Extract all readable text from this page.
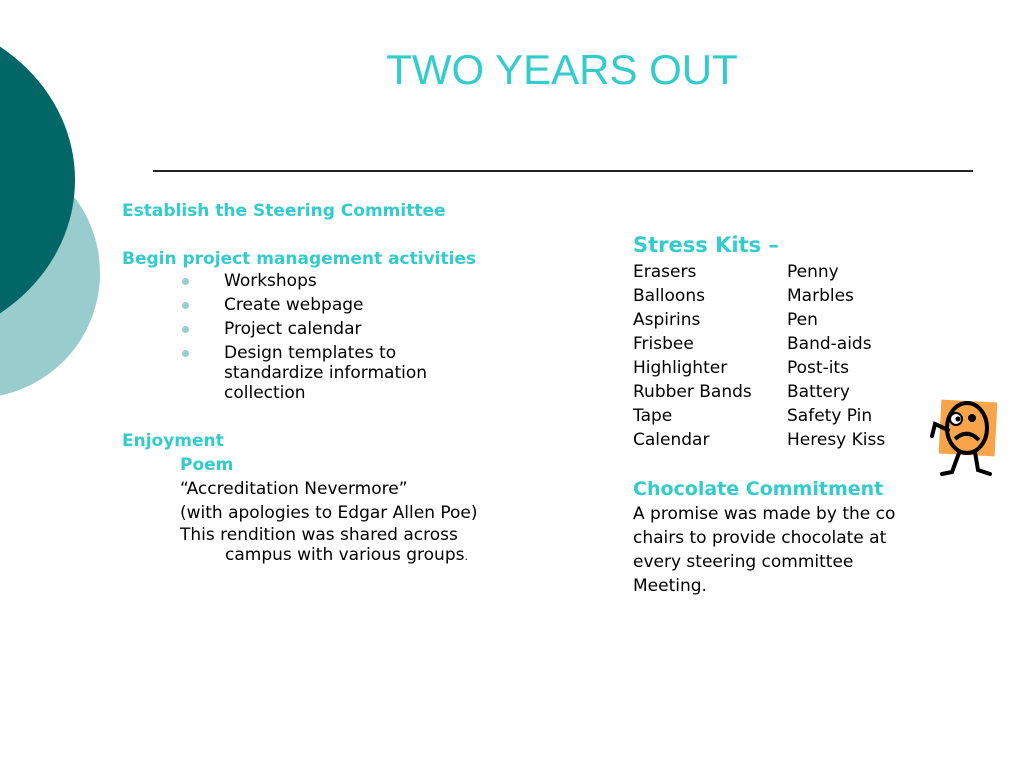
TWO YEARS OUT
Establish the Steering Committee
Begin project management activities
Workshops
Create webpage
Project calendar
Design templates to standardize information collection
Enjoyment
Poem
“Accreditation Nevermore”
(with apologies to Edgar Allen Poe)
This rendition was shared across campus with various groups.
Stress Kits –
Erasers	Penny
Balloons	Marbles
Aspirins	Pen
Frisbee	Band-aids
Highlighter	Post-its
Rubber Bands	Battery
Tape	Safety Pin
Calendar	Heresy Kiss
Chocolate Commitment
A promise was made by the co
chairs to provide chocolate at
every steering committee
Meeting.
